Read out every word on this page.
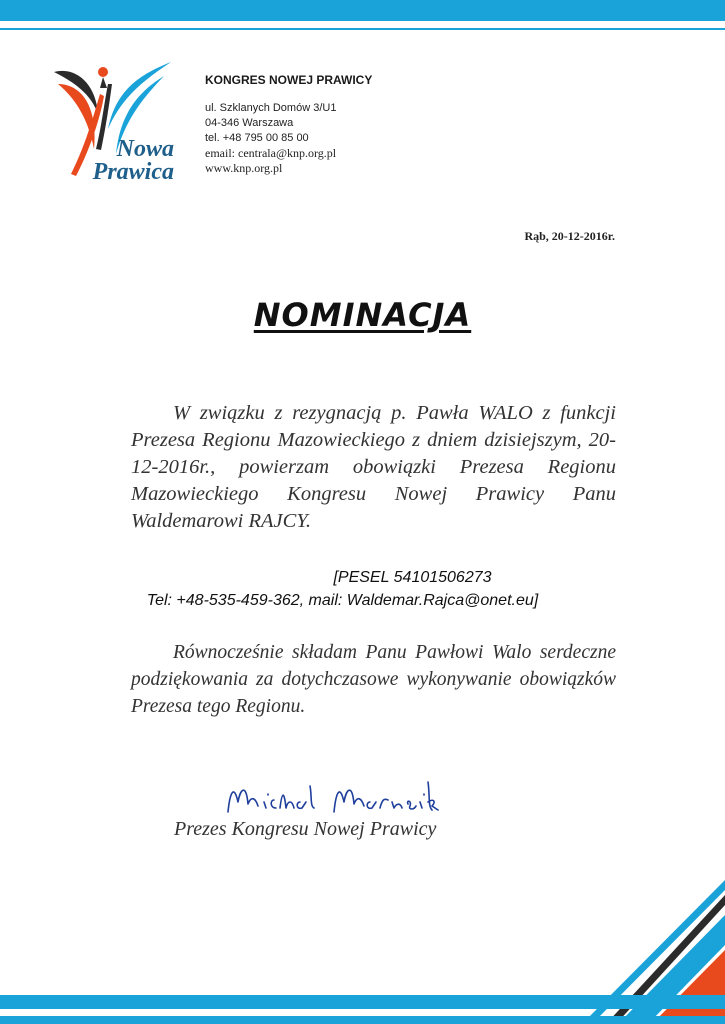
Nowa
Prawica
KONGRES NOWEJ PRAWICY
ul. Szklanych Domów 3/U1
04-346 Warszawa
tel. +48 795 00 85 00
email: centrala@knp.org.pl
www.knp.org.pl
Rąb, 20-12-2016r.
NOMINACJA
W związku z rezygnacją p. Pawła WALO z funkcji Prezesa Regionu Mazowieckiego z dniem dzisiejszym, 20-12-2016r., powierzam obowiązki Prezesa Regionu Mazowieckiego Kongresu Nowej Prawicy Panu Waldemarowi RAJCY.
[PESEL 54101506273
Tel: +48-535-459-362, mail: Waldemar.Rajca@onet.eu]
Równocześnie składam Panu Pawłowi Walo serdeczne podziękowania za dotychczasowe wykonywanie obowiązków Prezesa tego Regionu.
Prezes Kongresu Nowej Prawicy
